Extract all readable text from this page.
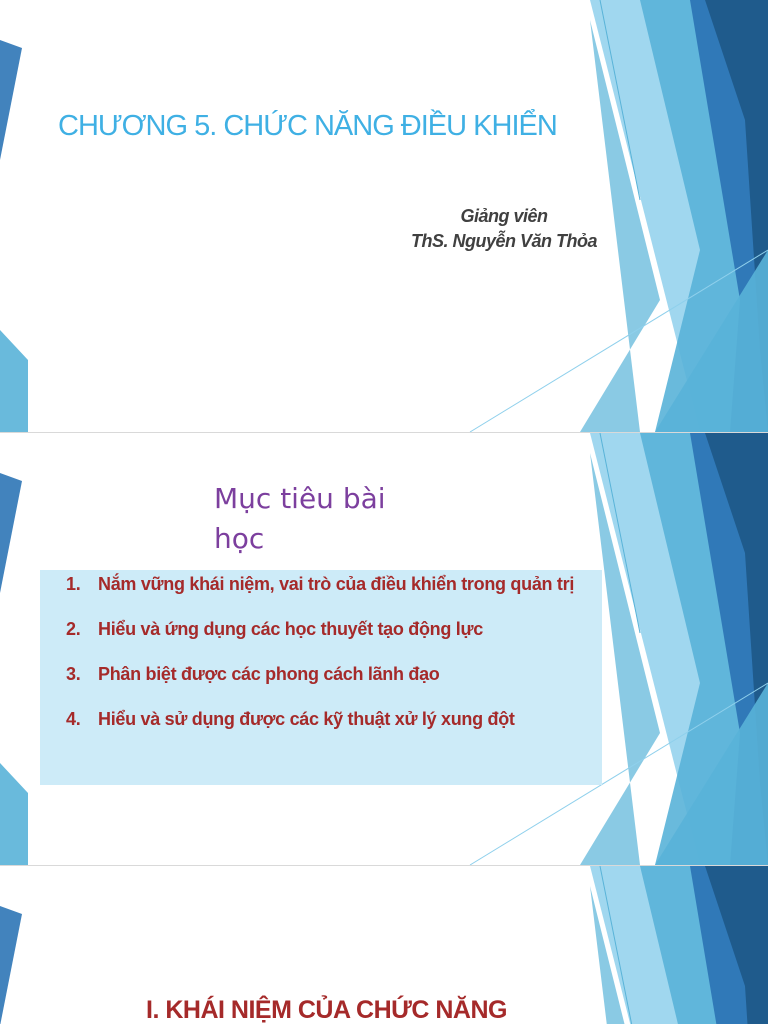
CHƯƠNG 5. CHỨC NĂNG ĐIỀU KHIỂN
Giảng viên
ThS. Nguyễn Văn Thỏa
Mục tiêu bài học
1. Nắm vững khái niệm, vai trò của điều khiển trong quản trị
2. Hiểu và ứng dụng các học thuyết tạo động lực
3. Phân biệt được các phong cách lãnh đạo
4. Hiểu và sử dụng được các kỹ thuật xử lý xung đột
I. KHÁI NIỆM CỦA CHỨC NĂNG
